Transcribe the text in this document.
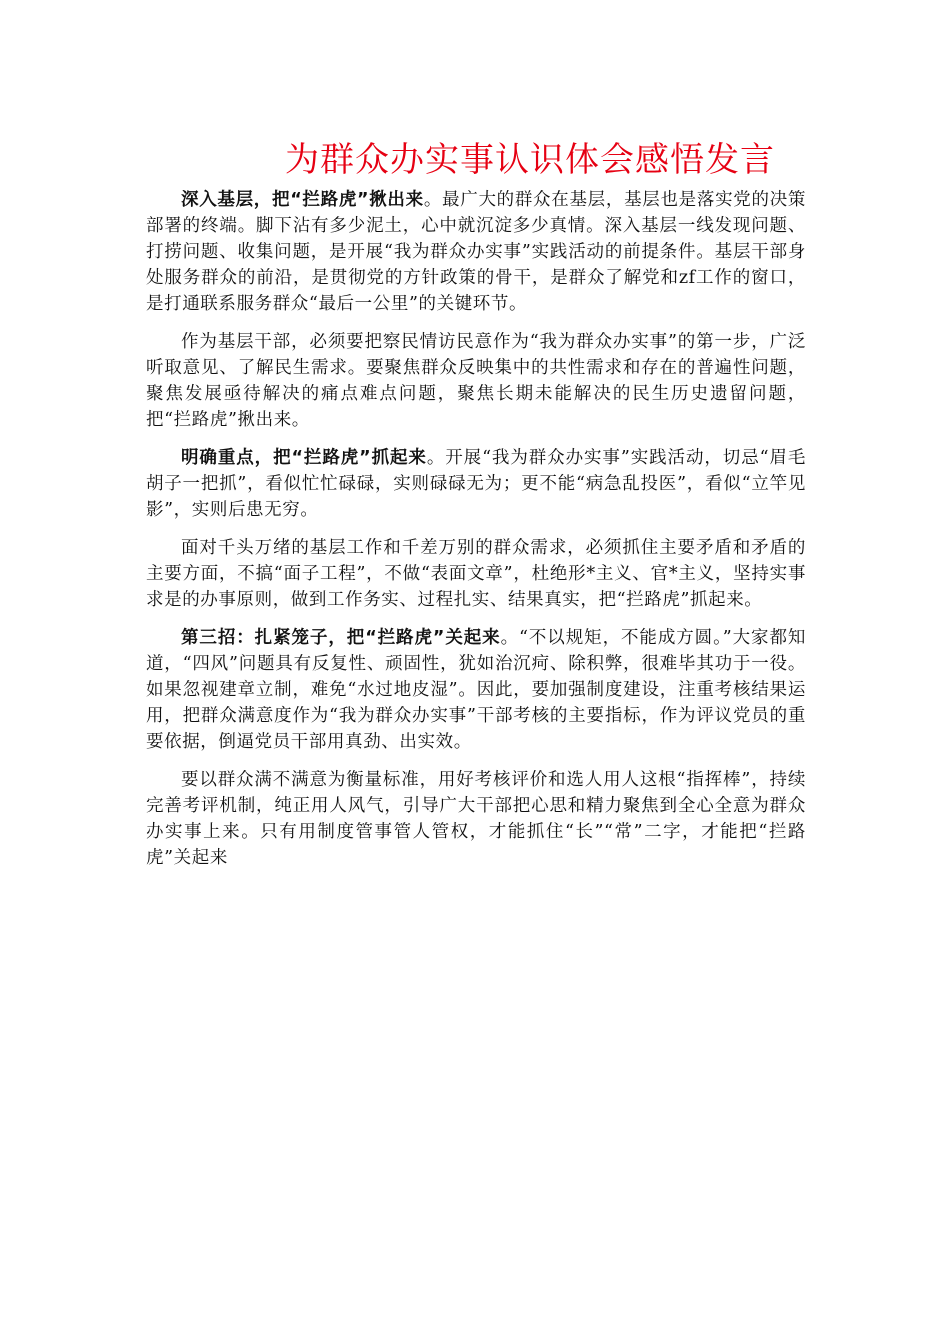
为群众办实事认识体会感悟发言

深入基层，把“拦路虎”揪出来。最广大的群众在基层，基层也是落实党的决策部署的终端。脚下沾有多少泥土，心中就沉淀多少真情。深入基层一线发现问题、打捞问题、收集问题，是开展“我为群众办实事”实践活动的前提条件。基层干部身处服务群众的前沿，是贯彻党的方针政策的骨干，是群众了解党和zf工作的窗口，是打通联系服务群众“最后一公里”的关键环节。

作为基层干部，必须要把察民情访民意作为“我为群众办实事”的第一步，广泛听取意见、了解民生需求。要聚焦群众反映集中的共性需求和存在的普遍性问题，聚焦发展亟待解决的痛点难点问题，聚焦长期未能解决的民生历史遗留问题，把“拦路虎”揪出来。

明确重点，把“拦路虎”抓起来。开展“我为群众办实事”实践活动，切忌“眉毛胡子一把抓”，看似忙忙碌碌，实则碌碌无为；更不能“病急乱投医”，看似“立竿见影”，实则后患无穷。

面对千头万绪的基层工作和千差万别的群众需求，必须抓住主要矛盾和矛盾的主要方面，不搞“面子工程”，不做“表面文章”，杜绝形*主义、官*主义，坚持实事求是的办事原则，做到工作务实、过程扎实、结果真实，把“拦路虎”抓起来。

第三招：扎紧笼子，把“拦路虎”关起来。“不以规矩，不能成方圆。”大家都知道，“四风”问题具有反复性、顽固性，犹如治沉疴、除积弊，很难毕其功于一役。如果忽视建章立制，难免“水过地皮湿”。因此，要加强制度建设，注重考核结果运用，把群众满意度作为“我为群众办实事”干部考核的主要指标，作为评议党员的重要依据，倒逼党员干部用真劲、出实效。

要以群众满不满意为衡量标准，用好考核评价和选人用人这根“指挥棒”，持续完善考评机制，纯正用人风气，引导广大干部把心思和精力聚焦到全心全意为群众办实事上来。只有用制度管事管人管权，才能抓住“长”“常”二字，才能把“拦路虎”关起来
